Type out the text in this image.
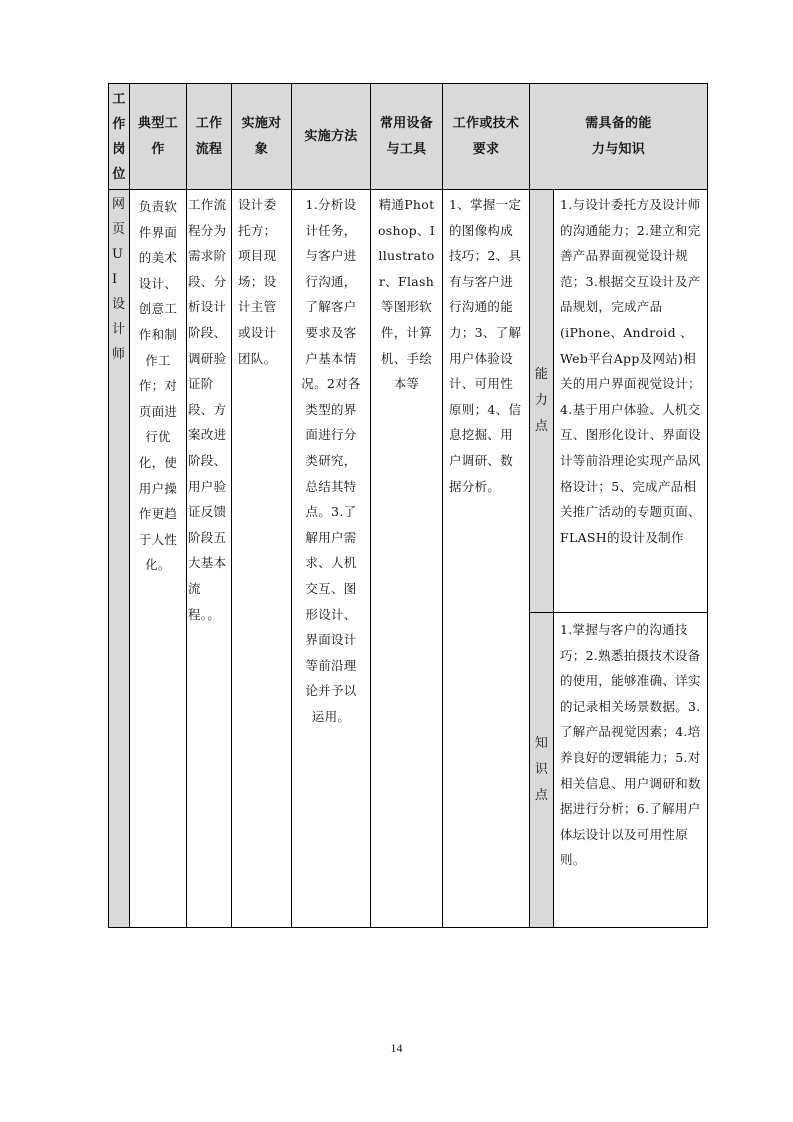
工作岗位	典型工作	工作流程	实施对象	实施方法	常用设备与工具	工作或技术要求	需具备的能力与知识	

网页UI设计师	负责软件界面的美术设计、创意工作和制作工作；对页面进行优化，使用户操作更趋于人性化。	工作流程分为需求阶段、分析设计阶段、调研验证阶段、方案改进阶段、用户验证反馈阶段五大基本流程。。	设计委托方；项目现场；设计主管或设计团队。	1.分析设计任务，与客户进行沟通，了解客户要求及客户基本情况。2对各类型的界面进行分类研究，总结其特点。3.了解用户需求、人机交互、图形设计、界面设计等前沿理论并予以运用。	精通Photoshop、Illustrator、Flash等图形软件，计算机、手绘本等	1、掌握一定的图像构成技巧；2、具有与客户进行沟通的能力；3、了解用户体验设计、可用性原则；4、信息挖掘、用户调研、数据分析。	能力点	1.与设计委托方及设计师的沟通能力；2.建立和完善产品界面视觉设计规范；3.根据交互设计及产品规划，完成产品(iPhone、Android 、Web平台App及网站)相关的用户界面视觉设计；4.基于用户体验、人机交互、图形化设计、界面设计等前沿理论实现产品风格设计；5、完成产品相关推广活动的专题页面、FLASH的设计及制作
							知识点	1.掌握与客户的沟通技巧；2.熟悉拍摄技术设备的使用，能够准确、详实的记录相关场景数据。3.了解产品视觉因素；4.培养良好的逻辑能力；5.对相关信息、用户调研和数据进行分析；6.了解用户体坛设计以及可用性原则。
14
